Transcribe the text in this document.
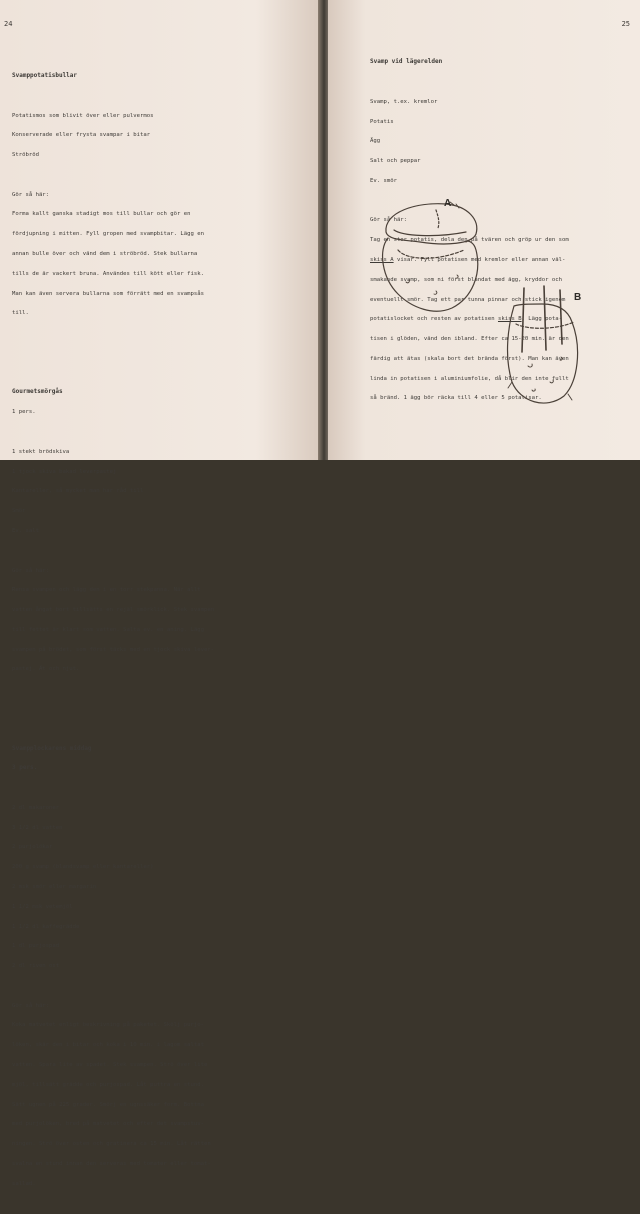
24

Svamppotatisbullar

Potatismos som blivit över eller pulvermos

Konserverade eller frysta svampar i bitar

Ströbröd

Gör så här:

Forma kallt ganska stadigt mos till bullar och gör en

fördjupning i mitten. Fyll gropen med svampbitar. Lägg en

annan bulle över och vänd dem i ströbröd. Stek bullarna

tills de är vackert bruna. Användes till kött eller fisk.

Man kan även servera bullarna som förrätt med en svampsås

till.

Gourmetsmörgås

1 pers.

1 stekt brödskiva

1 tjock skiva bakad leverpastej

Kantareller, så mycket man har råd till

Smör

Ev. salt

Gör så här:

Rensa svampen och lägg den i en torr stekpanna. När allt

vatten ångat bort tillsätts en rejäl smörklick. Stek svampen

till fettet är klart som vatten. Salta ev. en aning. Lägg

svampen på brödet, som först täcks med en tjock skiva lever-

pastej. Ät och njut.

Svampplockarens middag

3 pers.

2 dl makaroner

3 1/2 dl vatten

2 purjolökar

200 g svamp (blandsvamp eller kantareller)

2 msk smör eller margarin

1 1/2 msk vetemjöl

1 1/2 dl kaffegrädde

1 dl purjospad

2 dl riven ost

Gör så här:

Koka matvetet enligt beskrivning på paketet. Skölj purjo-

löken, skär den i bitar och koka i 10 min. i lagom saltat

vatten. Spara lite av spadet. Stek svampen. Strö över lite

mjöl, tillsätt grädde och purjospad. Låt puttra en stund.

Sätt ugnen på 225 grader. Smörj en ugnssäker form. Bottna

med purjolöken, bred på matvetet och efter det svampstuv-

ningen. Strö över osten och gratinera ca 15 min. Låt rätten

svalna en stund innan den serveras med tomater eller tomat-

sallad.

25

Svamp vid lägerelden

Svamp, t.ex. kremlor

Potatis

Ägg

Salt och peppar

Ev. smör

Gör så här:

Tag en stor potatis, dela den på tvären och gröp ur den som

skiss A visar. Fyll potatisen med kremlor eller annan väl-

smakande svamp, som ni först blandat med ägg, kryddor och

eventuellt smör. Tag ett par tunna pinnar och stick igenom

potatislocket och resten av potatisen skiss B. Lägg pota-

tisen i glöden, vänd den ibland. Efter ca 15-20 min. är den

färdig att ätas (skala bort det brända först). Man kan även

linda in potatisen i aluminiumfolie, då blir den inte fullt

så bränd. 1 ägg bör räcka till 4 eller 5 potatisar.

A
B
